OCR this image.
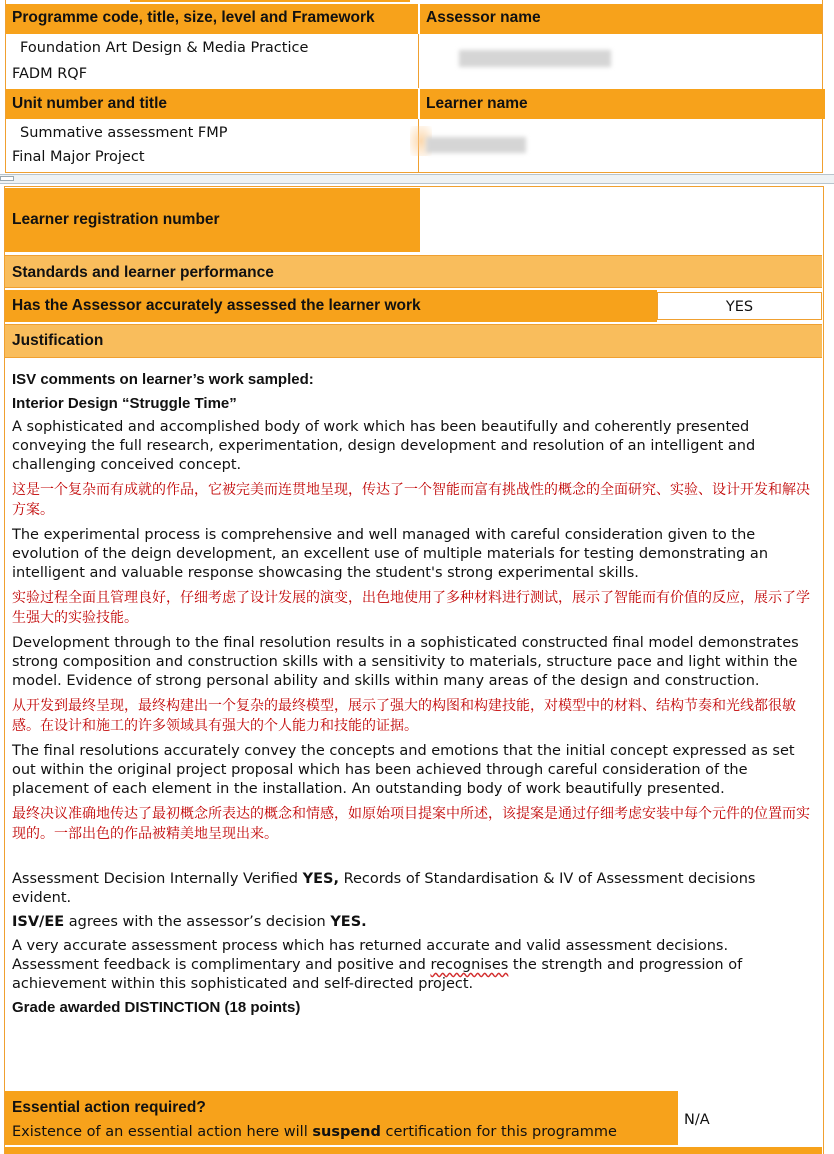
Programme code, title, size, level and Framework	Assessor name
Foundation Art Design & Media Practice
FADM RQF
Unit number and title	Learner name
Summative assessment FMP
Final Major Project
Learner registration number
Standards and learner performance
Has the Assessor accurately assessed the learner work	YES
Justification

ISV comments on learner’s work sampled:

Interior Design “Struggle Time”

A sophisticated and accomplished body of work which has been beautifully and coherently presented conveying the full research, experimentation, design development and resolution of an intelligent and challenging conceived concept.

这是一个复杂而有成就的作品，它被完美而连贯地呈现，传达了一个智能而富有挑战性的概念的全面研究、实验、设计开发和解决方案。

The experimental process is comprehensive and well managed with careful consideration given to the evolution of the deign development, an excellent use of multiple materials for testing demonstrating an intelligent and valuable response showcasing the student's strong experimental skills.

实验过程全面且管理良好，仔细考虑了设计发展的演变，出色地使用了多种材料进行测试，展示了智能而有价值的反应，展示了学生强大的实验技能。

Development through to the final resolution results in a sophisticated constructed final model demonstrates strong composition and construction skills with a sensitivity to materials, structure pace and light within the model. Evidence of strong personal ability and skills within many areas of the design and construction.

从开发到最终呈现，最终构建出一个复杂的最终模型，展示了强大的构图和构建技能，对模型中的材料、结构节奏和光线都很敏感。在设计和施工的许多领域具有强大的个人能力和技能的证据。

The final resolutions accurately convey the concepts and emotions that the initial concept expressed as set out within the original project proposal which has been achieved through careful consideration of the placement of each element in the installation. An outstanding body of work beautifully presented.

最终决议准确地传达了最初概念所表达的概念和情感，如原始项目提案中所述，该提案是通过仔细考虑安装中每个元件的位置而实现的。一部出色的作品被精美地呈现出来。

Assessment Decision Internally Verified YES, Records of Standardisation & IV of Assessment decisions evident.

ISV/EE agrees with the assessor’s decision YES.

A very accurate assessment process which has returned accurate and valid assessment decisions. Assessment feedback is complimentary and positive and recognises the strength and progression of achievement within this sophisticated and self-directed project.

Grade awarded DISTINCTION (18 points)

Essential action required?
Existence of an essential action here will suspend certification for this programme
N/A
